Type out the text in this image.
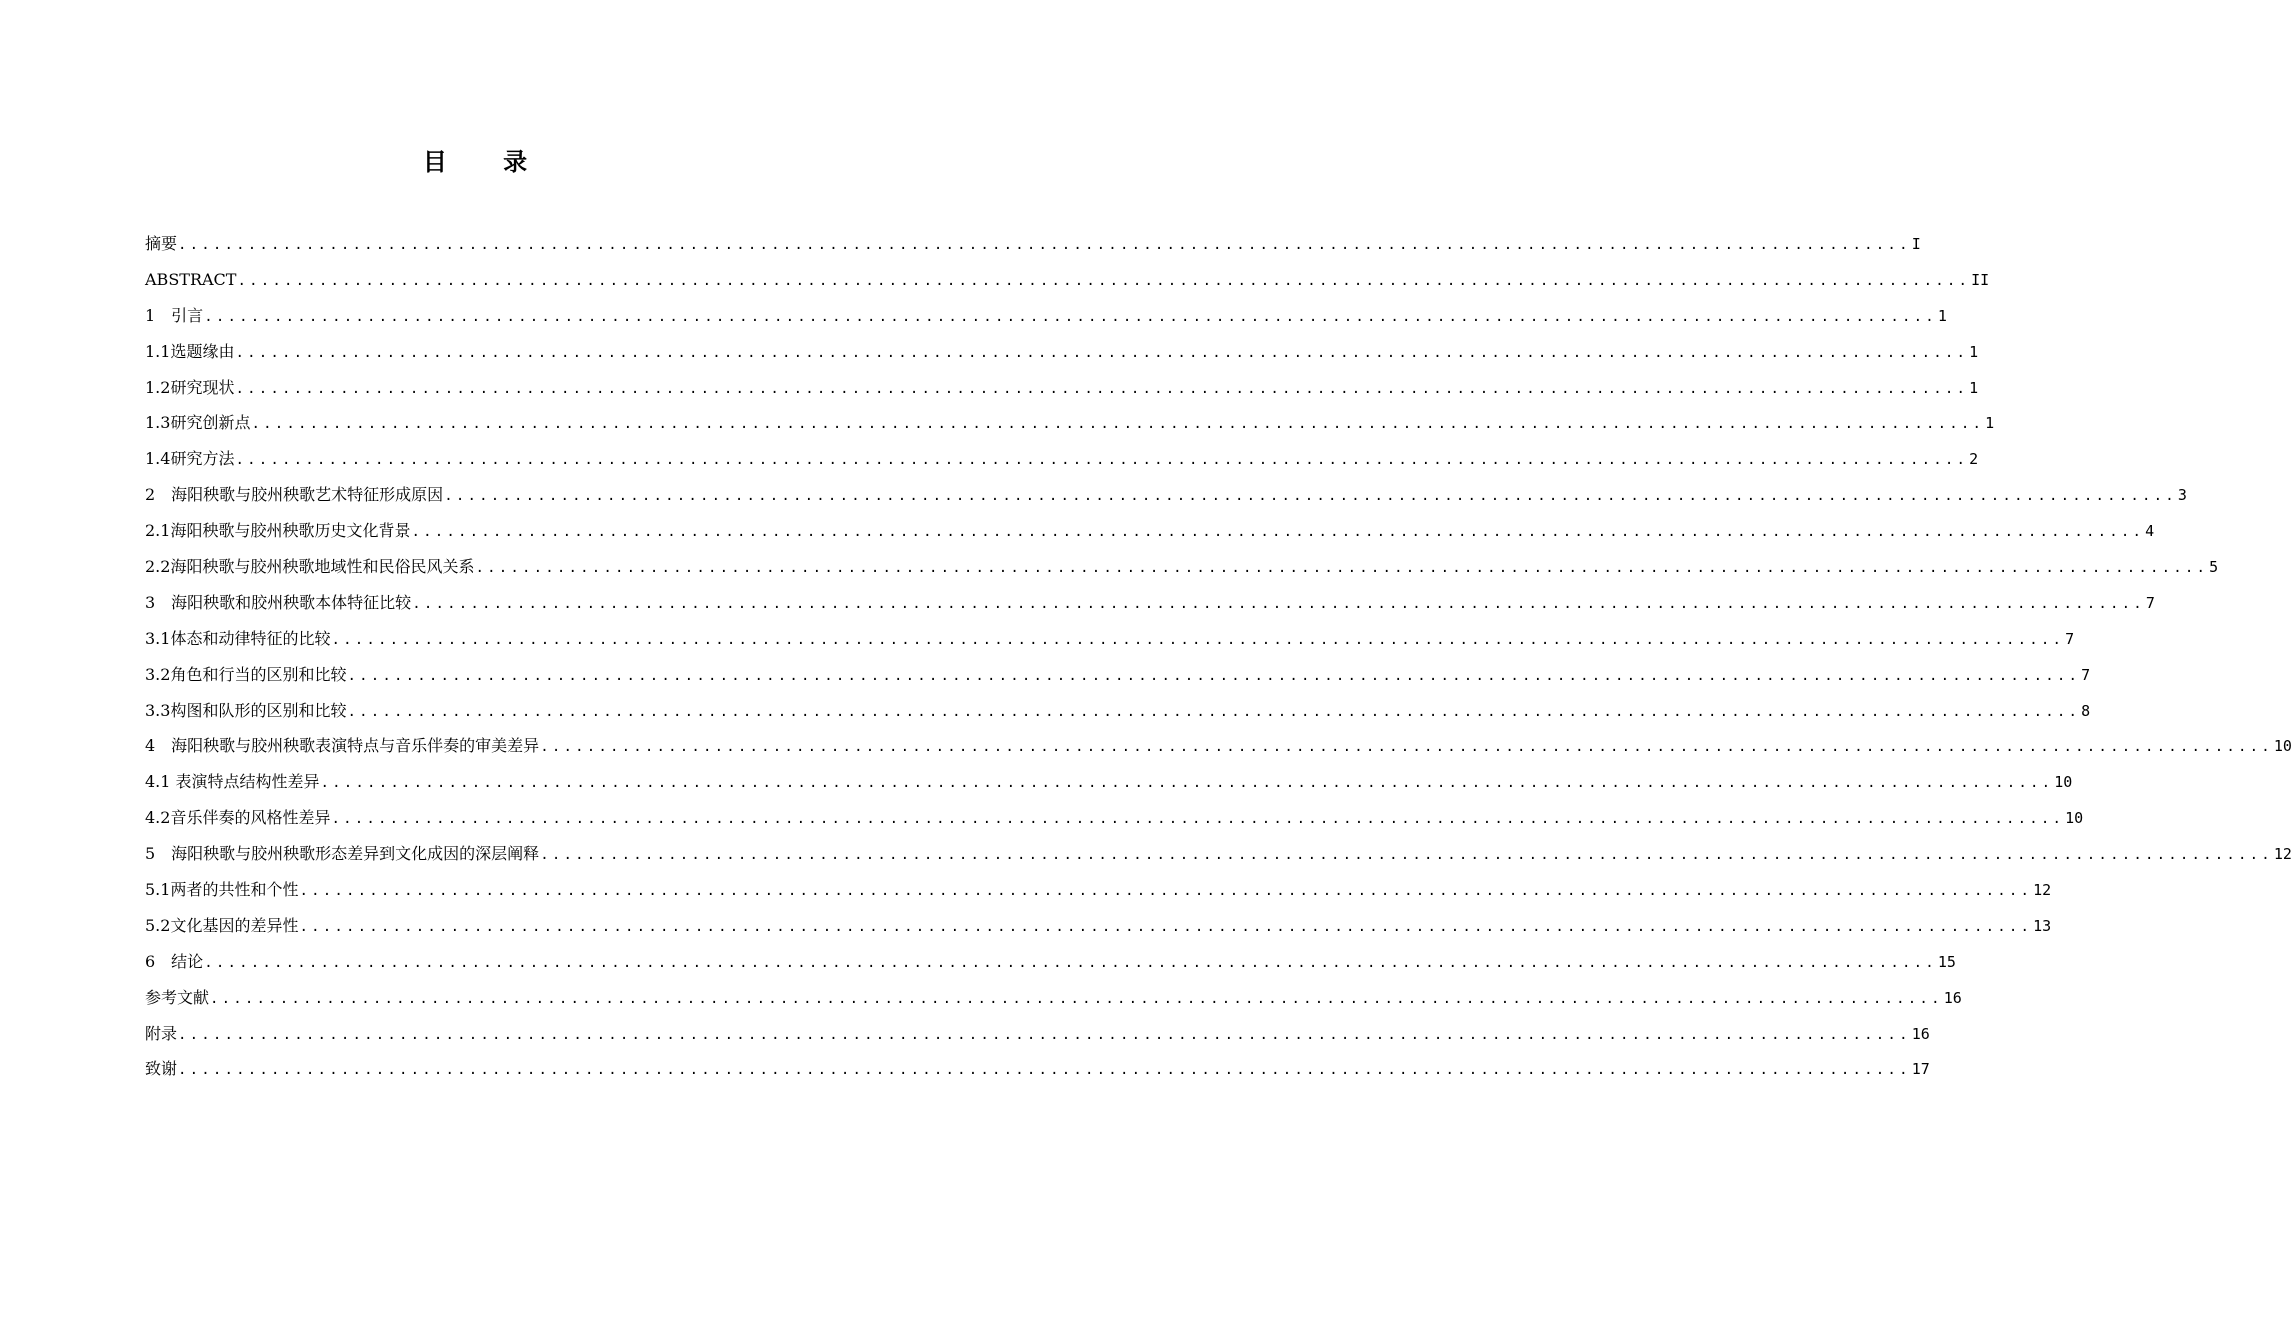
目 录
摘要 ..................................................................................................................................................... I
ABSTRACT ..................................................................................................................................................... II
1　引言 ..................................................................................................................................................... 1
1.1选题缘由 ..................................................................................................................................................... 1
1.2研究现状 ..................................................................................................................................................... 1
1.3研究创新点 ..................................................................................................................................................... 1
1.4研究方法 ..................................................................................................................................................... 2
2　海阳秧歌与胶州秧歌艺术特征形成原因 ..................................................................................................................................................... 3
2.1海阳秧歌与胶州秧歌历史文化背景 ..................................................................................................................................................... 4
2.2海阳秧歌与胶州秧歌地域性和民俗民风关系 ..................................................................................................................................................... 5
3　海阳秧歌和胶州秧歌本体特征比较 ..................................................................................................................................................... 7
3.1体态和动律特征的比较 ..................................................................................................................................................... 7
3.2角色和行当的区别和比较 ..................................................................................................................................................... 7
3.3构图和队形的区别和比较 ..................................................................................................................................................... 8
4　海阳秧歌与胶州秧歌表演特点与音乐伴奏的审美差异 ..................................................................................................................................................... 10
4.1 表演特点结构性差异 ..................................................................................................................................................... 10
4.2音乐伴奏的风格性差异 ..................................................................................................................................................... 10
5　海阳秧歌与胶州秧歌形态差异到文化成因的深层阐释 ..................................................................................................................................................... 12
5.1两者的共性和个性 ..................................................................................................................................................... 12
5.2文化基因的差异性 ..................................................................................................................................................... 13
6　结论 ..................................................................................................................................................... 15
参考文献 ..................................................................................................................................................... 16
附录 ..................................................................................................................................................... 16
致谢 ..................................................................................................................................................... 17
